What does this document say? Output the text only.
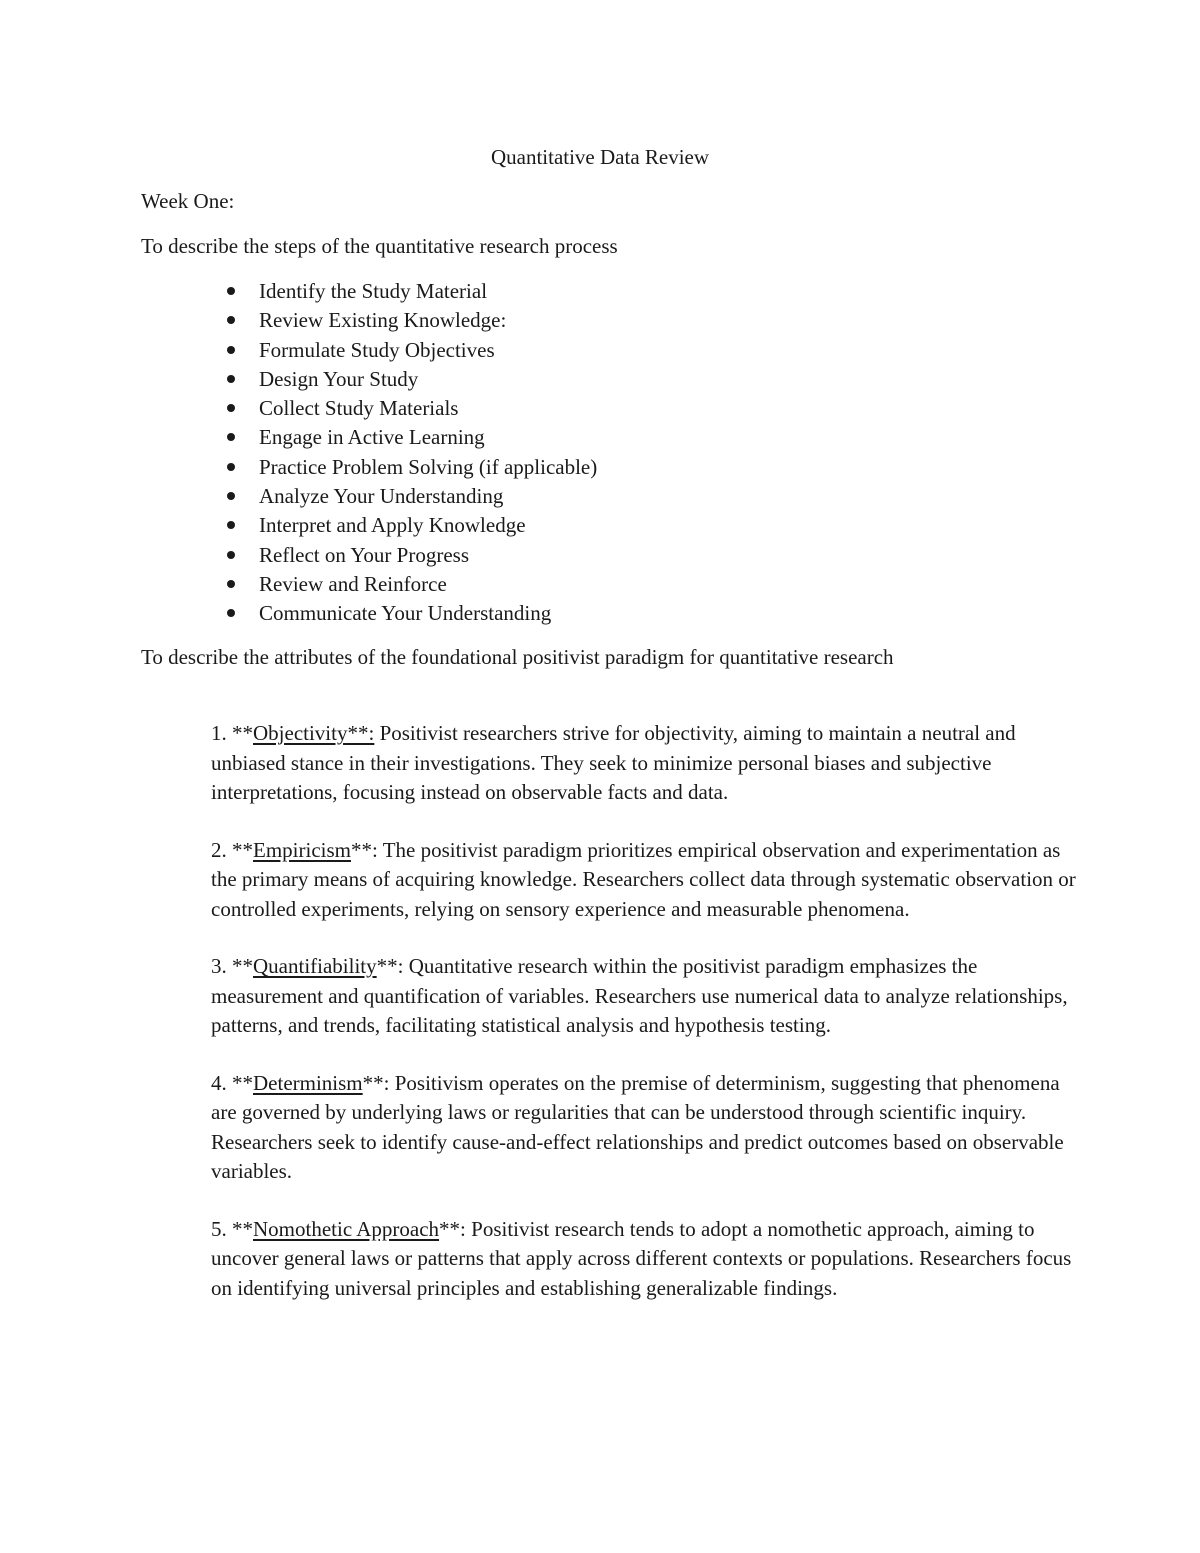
Quantitative Data Review
Week One:
To describe the steps of the quantitative research process
Identify the Study Material
Review Existing Knowledge:
Formulate Study Objectives
Design Your Study
Collect Study Materials
Engage in Active Learning
Practice Problem Solving (if applicable)
Analyze Your Understanding
Interpret and Apply Knowledge
Reflect on Your Progress
Review and Reinforce
Communicate Your Understanding
To describe the attributes of the foundational positivist paradigm for quantitative research

1. **Objectivity**: Positivist researchers strive for objectivity, aiming to maintain a neutral and unbiased stance in their investigations. They seek to minimize personal biases and subjective interpretations, focusing instead on observable facts and data.

2. **Empiricism**: The positivist paradigm prioritizes empirical observation and experimentation as the primary means of acquiring knowledge. Researchers collect data through systematic observation or controlled experiments, relying on sensory experience and measurable phenomena.

3. **Quantifiability**: Quantitative research within the positivist paradigm emphasizes the measurement and quantification of variables. Researchers use numerical data to analyze relationships, patterns, and trends, facilitating statistical analysis and hypothesis testing.

4. **Determinism**: Positivism operates on the premise of determinism, suggesting that phenomena are governed by underlying laws or regularities that can be understood through scientific inquiry. Researchers seek to identify cause-and-effect relationships and predict outcomes based on observable variables.

5. **Nomothetic Approach**: Positivist research tends to adopt a nomothetic approach, aiming to uncover general laws or patterns that apply across different contexts or populations. Researchers focus on identifying universal principles and establishing generalizable findings.
